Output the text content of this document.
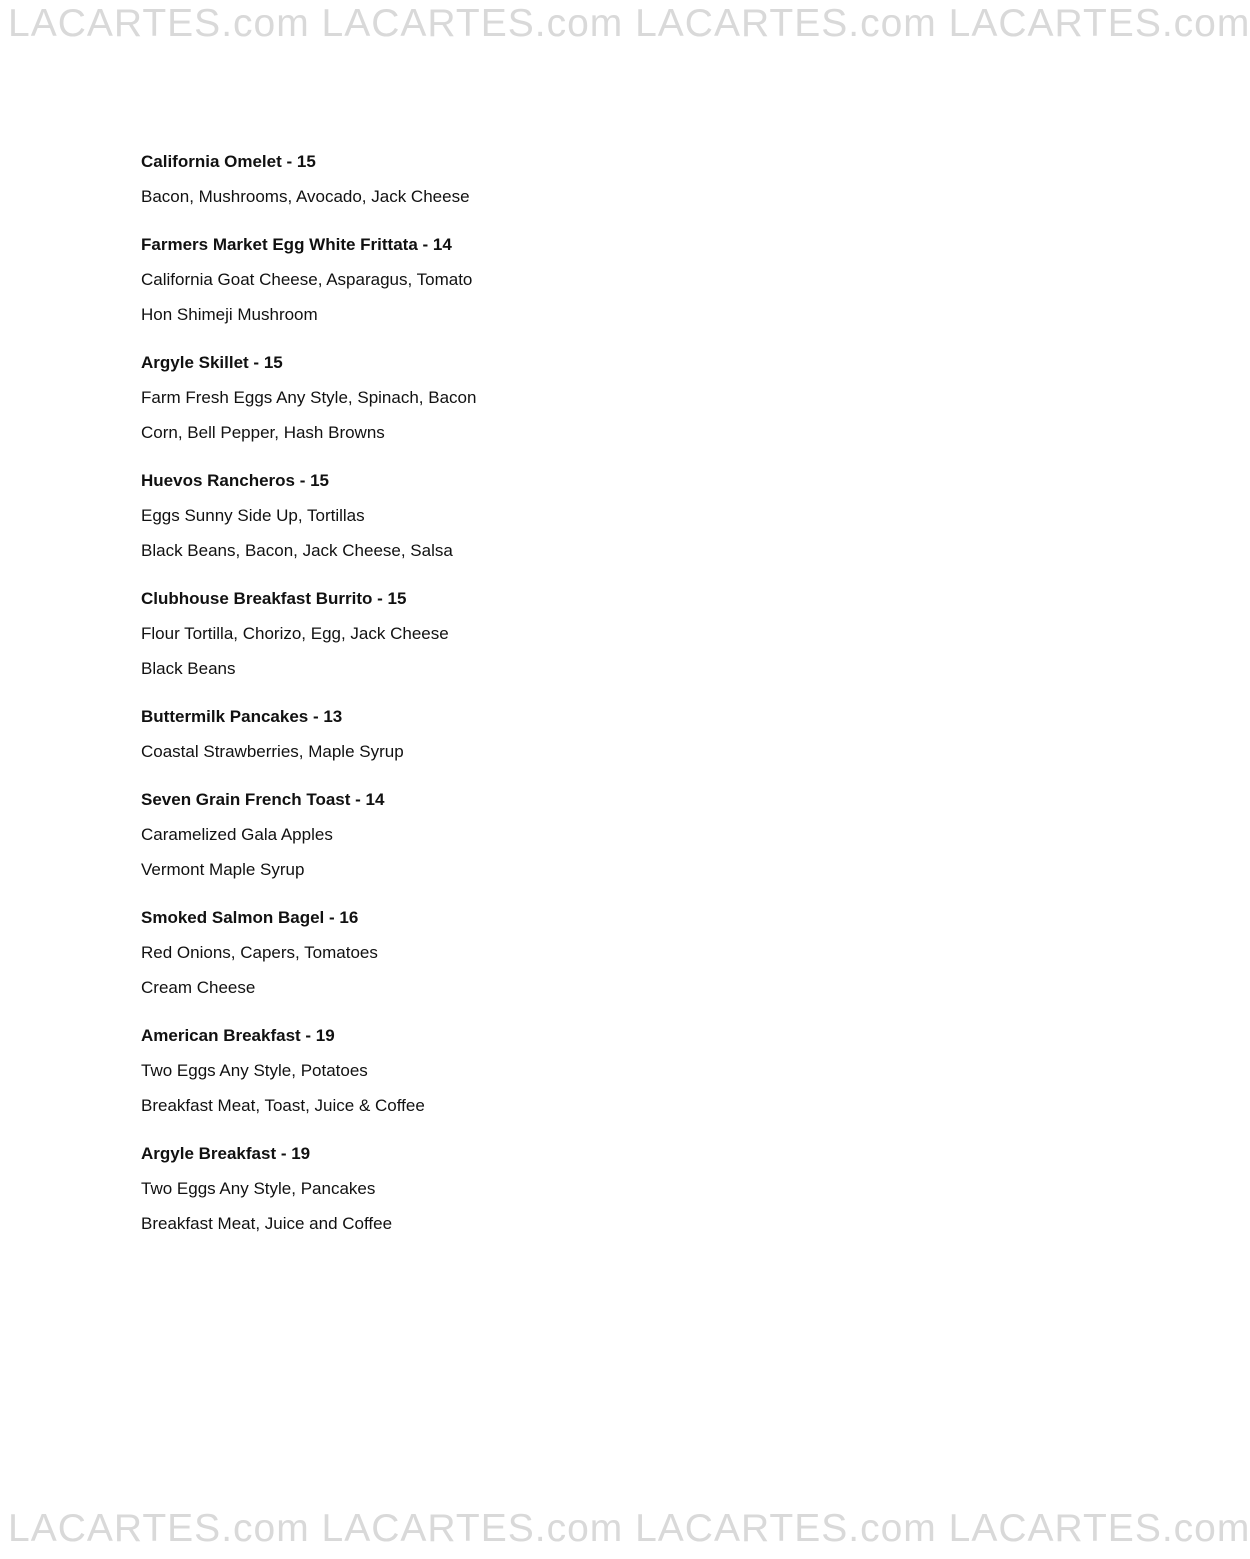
LACARTES.com LACARTES.com LACARTES.com LACARTES.com
California Omelet - 15
Bacon, Mushrooms, Avocado, Jack Cheese
Farmers Market Egg White Frittata - 14
California Goat Cheese, Asparagus, Tomato
Hon Shimeji Mushroom
Argyle Skillet - 15
Farm Fresh Eggs Any Style, Spinach, Bacon
Corn, Bell Pepper, Hash Browns
Huevos Rancheros - 15
Eggs Sunny Side Up, Tortillas
Black Beans, Bacon, Jack Cheese, Salsa
Clubhouse Breakfast Burrito - 15
Flour Tortilla, Chorizo, Egg, Jack Cheese
Black Beans
Buttermilk Pancakes - 13
Coastal Strawberries, Maple Syrup
Seven Grain French Toast - 14
Caramelized Gala Apples
Vermont Maple Syrup
Smoked Salmon Bagel - 16
Red Onions, Capers, Tomatoes
Cream Cheese
American Breakfast - 19
Two Eggs Any Style, Potatoes
Breakfast Meat, Toast, Juice & Coffee
Argyle Breakfast - 19
Two Eggs Any Style, Pancakes
Breakfast Meat, Juice and Coffee
LACARTES.com LACARTES.com LACARTES.com LACARTES.com
